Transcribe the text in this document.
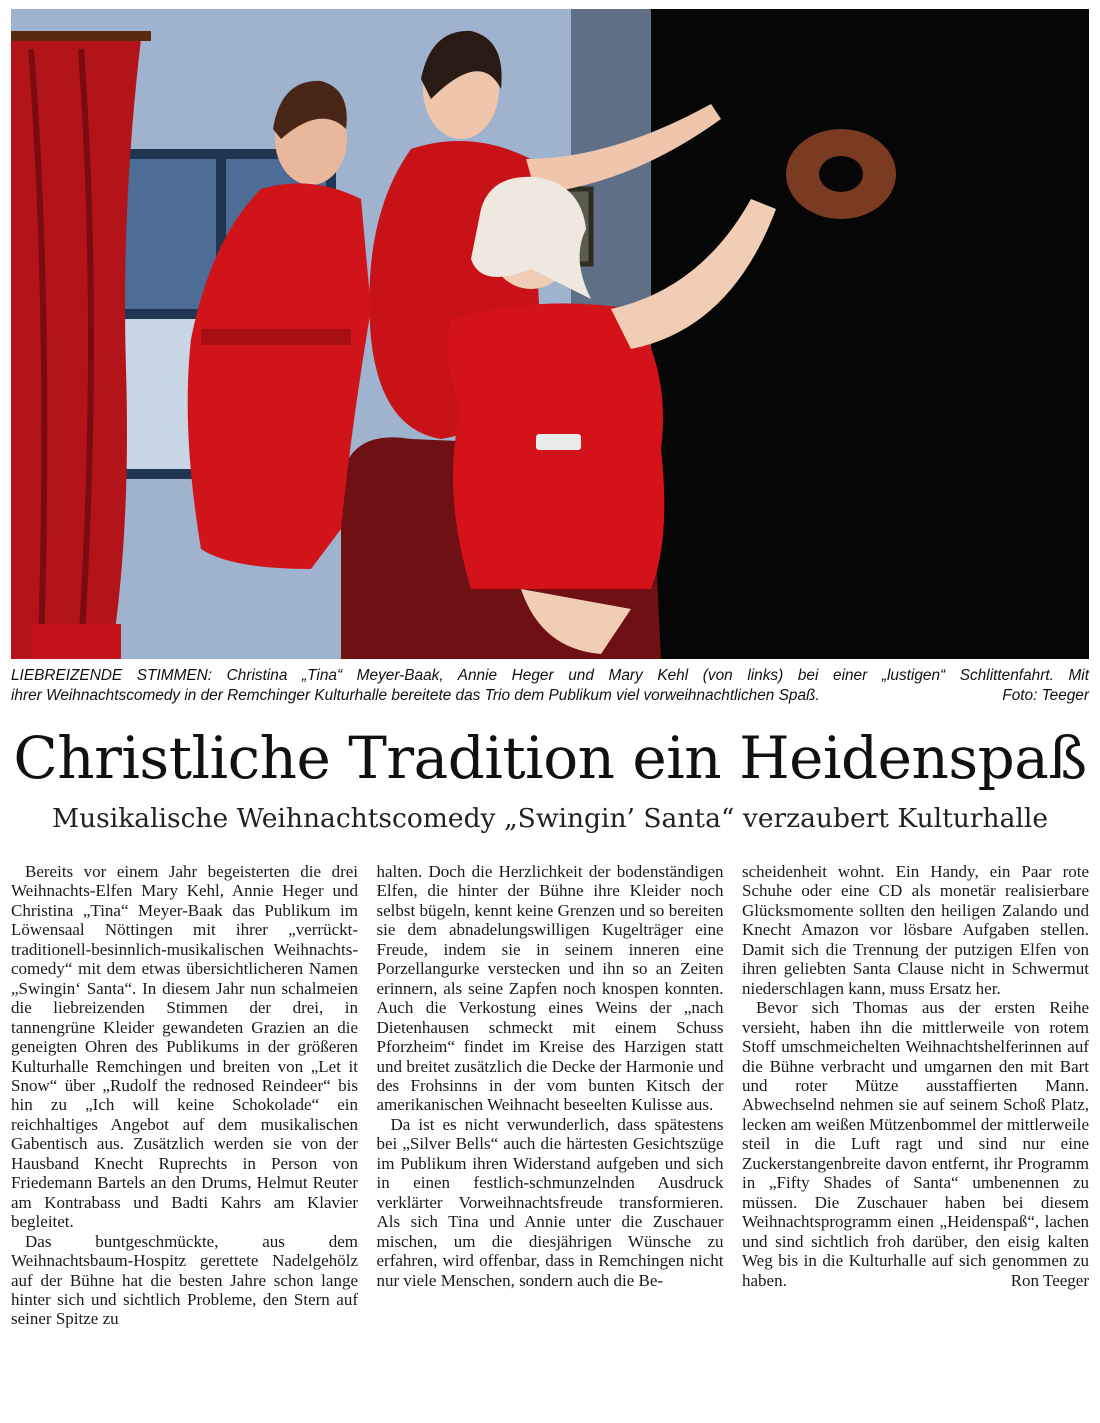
LIEBREIZENDE STIMMEN: Christina „Tina“ Meyer-Baak, Annie Heger und Mary Kehl (von links) bei einer „lustigen“ Schlittenfahrt. Mit
ihrer Weihnachtscomedy in der Remchinger Kulturhalle bereitete das Trio dem Publikum viel vorweihnachtlichen Spaß.	Foto: Teeger
Christliche Tradition ein Heidenspaß
Musikalische Weihnachtscomedy „Swingin’ Santa“ verzaubert Kulturhalle

Bereits vor einem Jahr begeisterten die drei Weihnachts-Elfen Mary Kehl, Annie Heger und Christina „Tina“ Meyer-Baak das Publikum im Löwensaal Nöttingen mit ihrer „verrückt-traditionell-besinnlich-musikalischen Weihnachts-comedy“ mit dem etwas übersichtlicheren Namen „Swingin‘ Santa“. In diesem Jahr nun schalmeien die liebreizenden Stimmen der drei, in tannengrüne Kleider gewandeten Grazien an die geneigten Ohren des Publikums in der größeren Kulturhalle Remchingen und breiten von „Let it Snow“ über „Rudolf the rednosed Reindeer“ bis hin zu „Ich will keine Schokolade“ ein reichhaltiges Angebot auf dem musikalischen Gabentisch aus. Zusätzlich werden sie von der Hausband Knecht Ruprechts in Person von Friedemann Bartels an den Drums, Helmut Reuter am Kontrabass und Badti Kahrs am Klavier begleitet.

Das buntgeschmückte, aus dem Weihnachtsbaum-Hospitz gerettete Nadelgehölz auf der Bühne hat die besten Jahre schon lange hinter sich und sichtlich Probleme, den Stern auf seiner Spitze zu

halten. Doch die Herzlichkeit der bodenständigen Elfen, die hinter der Bühne ihre Kleider noch selbst bügeln, kennt keine Grenzen und so bereiten sie dem abnadelungswilligen Kugelträger eine Freude, indem sie in seinem inneren eine Porzellangurke verstecken und ihn so an Zeiten erinnern, als seine Zapfen noch knospen konnten. Auch die Verkostung eines Weins der „nach Dietenhausen schmeckt mit einem Schuss Pforzheim“ findet im Kreise des Harzigen statt und breitet zusätzlich die Decke der Harmonie und des Frohsinns in der vom bunten Kitsch der amerikanischen Weihnacht beseelten Kulisse aus.

Da ist es nicht verwunderlich, dass spätestens bei „Silver Bells“ auch die härtesten Gesichtszüge im Publikum ihren Widerstand aufgeben und sich in einen festlich-schmunzelnden Ausdruck verklärter Vorweihnachtsfreude transformieren. Als sich Tina und Annie unter die Zuschauer mischen, um die diesjährigen Wünsche zu erfahren, wird offenbar, dass in Remchingen nicht nur viele Menschen, sondern auch die Be-

scheidenheit wohnt. Ein Handy, ein Paar rote Schuhe oder eine CD als monetär realisierbare Glücksmomente sollten den heiligen Zalando und Knecht Amazon vor lösbare Aufgaben stellen. Damit sich die Trennung der putzigen Elfen von ihren geliebten Santa Clause nicht in Schwermut niederschlagen kann, muss Ersatz her.

Bevor sich Thomas aus der ersten Reihe versieht, haben ihn die mittlerweile von rotem Stoff umschmeichelten Weihnachtshelferinnen auf die Bühne verbracht und umgarnen den mit Bart und roter Mütze ausstaffierten Mann. Abwechselnd nehmen sie auf seinem Schoß Platz, lecken am weißen Mützenbommel der mittlerweile steil in die Luft ragt und sind nur eine Zuckerstangenbreite davon entfernt, ihr Programm in „Fifty Shades of Santa“ umbenennen zu müssen. Die Zuschauer haben bei diesem Weihnachtsprogramm einen „Heidenspaß“, lachen und sind sichtlich froh darüber, den eisig kalten Weg bis in die Kulturhalle auf sich genommen zu haben.	Ron Teeger
